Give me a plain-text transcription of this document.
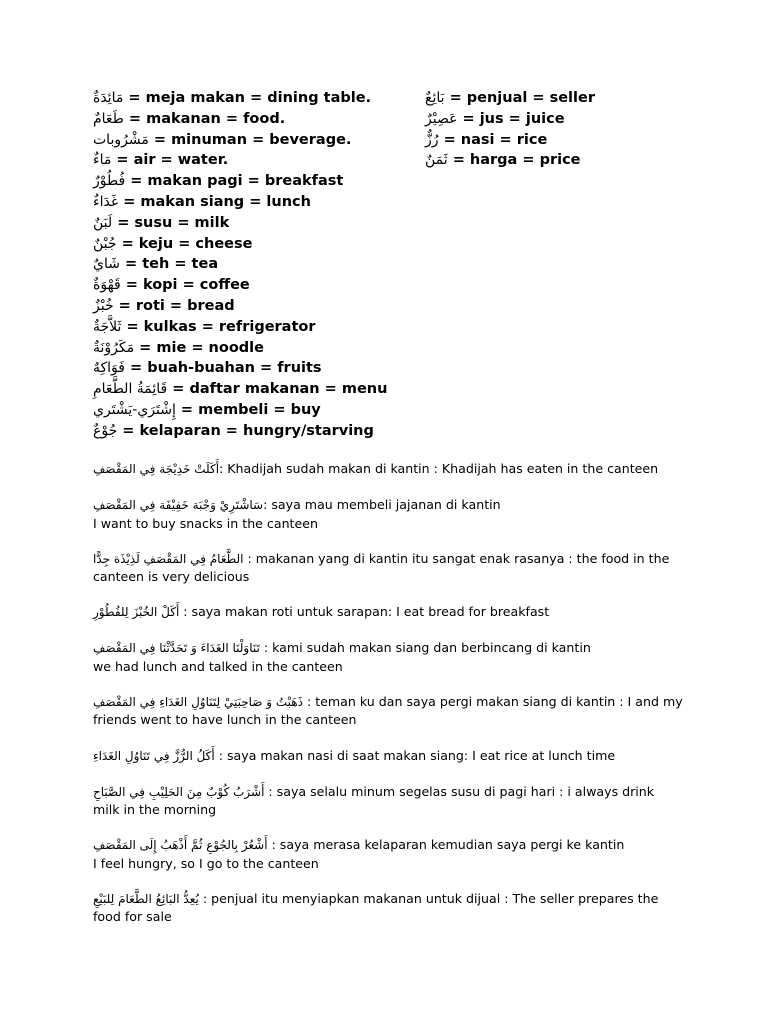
مَائِدَةٌ = meja makan = dining table.
طَعَامٌ = makanan = food.
مَشْرُوبات = minuman = beverage.
مَاءٌ = air = water.
فُطُوْرٌ = makan pagi = breakfast
غَدَاءٌ = makan siang = lunch
لَبَنٌ = susu = milk
جُبْنٌ = keju = cheese
شَايٌ = teh = tea
قَهْوَةٌ = kopi = coffee
خُبْزٌ = roti = bread
ثَلاَّجَةٌ = kulkas = refrigerator
مَكَرُوْنَةٌ = mie = noodle
فَوَاكِهٌ = buah-buahan = fruits
قَائِمَةُ الطَّعَامِ = daftar makanan = menu
إِشْتَرَي-يَشْتَري = membeli = buy
جُوْعٌ = kelaparan = hungry/starving
بَائِعٌ = penjual = seller
عَصِيْرٌ = jus = juice
رُزٌّ = nasi = rice
ثَمَنٌ = harga = price
أَكَلَتْ خَدِيْجَة فِي المَقْصَفِ: Khadijah sudah makan di kantin : Khadijah has eaten in the canteen
سَاشْتَرِيْ وَجْبَة خَفِيْفَة فِي المَقْصَفِ: saya mau membeli jajanan di kantin
I want to buy snacks in the canteen
الطَّعَامُ فِي المَقْصَفِ لَذِيْذَة جِدًّا : makanan yang di kantin itu sangat enak rasanya : the food in the canteen is very delicious
أَكَلْ الخُبْزَ لِلفُطُوْرِ : saya makan roti untuk sarapan: I eat bread for breakfast
تَنَاوَلْنَا الغَدَاءَ وَ تَحَدَّثْنَا فِي المَقْصَفِ : kami sudah makan siang dan berbincang di kantin
we had lunch and talked in the canteen
ذَهَبْتُ وَ صَاحِبَتِيْ لِتَنَاوُلِ الغَدَاءِ فِي المَقْصَفِ : teman ku dan saya pergi makan siang di kantin : I and my friends went to have lunch in the canteen
أَكَلُ الرُّزَّ فِي تَنَاوُلِ الغَدَاءِ : saya makan nasi di saat makan siang: I eat rice at lunch time
أَشْرَبُ كُوْبٌ مِنَ الحَلِيْبِ فِي الصَّبَاحِ : saya selalu minum segelas susu di pagi hari : i always drink milk in the morning
أَشْعُرْ بِالجُوْعِ ثُمَّ أَذْهَبُ إِلَى المَقْصَفِ : saya merasa kelaparan kemudian saya pergi ke kantin
I feel hungry, so I go to the canteen
يُعِدُّ البَائِعُ الطَّعَامَ لِلبَيْعِ : penjual itu menyiapkan makanan untuk dijual : The seller prepares the food for sale
